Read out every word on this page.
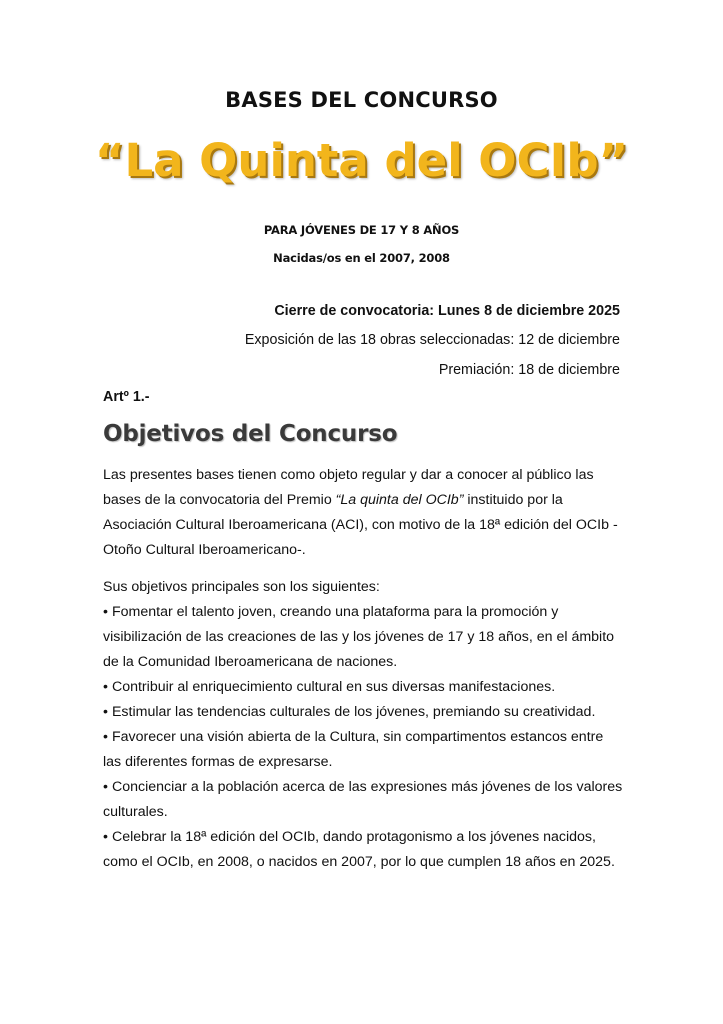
BASES DEL CONCURSO
“La Quinta del OCIb”
PARA JÓVENES DE 17 Y 8 AÑOS
Nacidas/os en el 2007, 2008
Cierre de convocatoria: Lunes 8 de diciembre 2025
Exposición de las 18 obras seleccionadas: 12 de diciembre
Premiación: 18 de diciembre
Artº 1.-
Objetivos del Concurso

Las presentes bases tienen como objeto regular y dar a conocer al público las bases de la convocatoria del Premio “La quinta del OCIb” instituido por la Asociación Cultural Iberoamericana (ACI), con motivo de la 18ª edición del OCIb -Otoño Cultural Iberoamericano-.

Sus objetivos principales son los siguientes:
• Fomentar el talento joven, creando una plataforma para la promoción y visibilización de las creaciones de las y los jóvenes de 17 y 18 años, en el ámbito de la Comunidad Iberoamericana de naciones.
• Contribuir al enriquecimiento cultural en sus diversas manifestaciones.
• Estimular las tendencias culturales de los jóvenes, premiando su creatividad.
• Favorecer una visión abierta de la Cultura, sin compartimentos estancos entre las diferentes formas de expresarse.
• Concienciar a la población acerca de las expresiones más jóvenes de los valores culturales.
• Celebrar la 18ª edición del OCIb, dando protagonismo a los jóvenes nacidos, como el OCIb, en 2008, o nacidos en 2007, por lo que cumplen 18 años en 2025.
